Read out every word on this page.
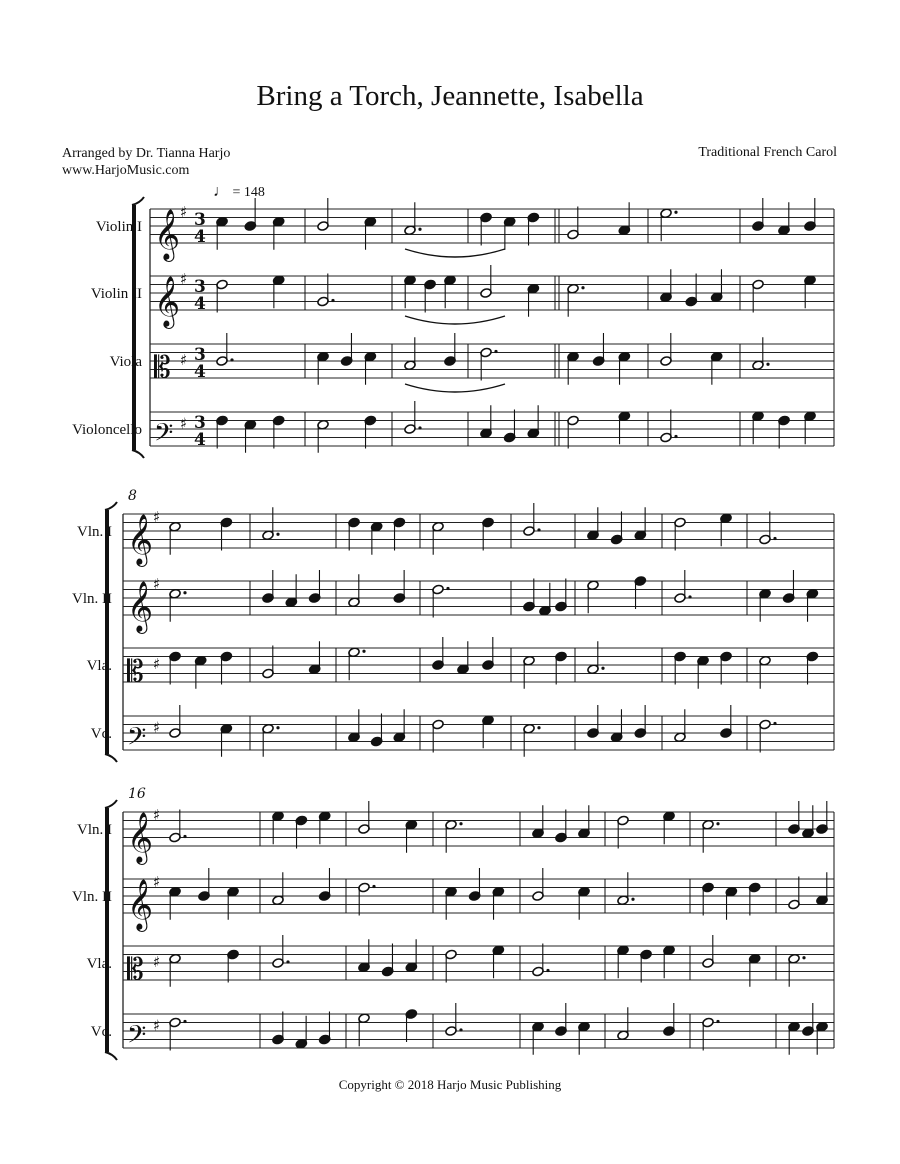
Bring a Torch, Jeannette, Isabella
Arranged by Dr. Tianna Harjo
www.HarjoMusic.com
Traditional French Carol
♩ = 148
Violin I 𝄞 ♯ 3
4
Violin II 𝄞 ♯ 3
4
Viola 𝄡 ♯ 3
4
Violoncello 𝄢 ♯ 3
4
8
Vln. I 𝄞 ♯
Vln. II 𝄞 ♯
Vla. 𝄡 ♯
Vc. 𝄢 ♯
16
Vln. I 𝄞 ♯
Vln. II 𝄞 ♯
Vla. 𝄡 ♯
Vc. 𝄢 ♯
Copyright © 2018 Harjo Music Publishing
